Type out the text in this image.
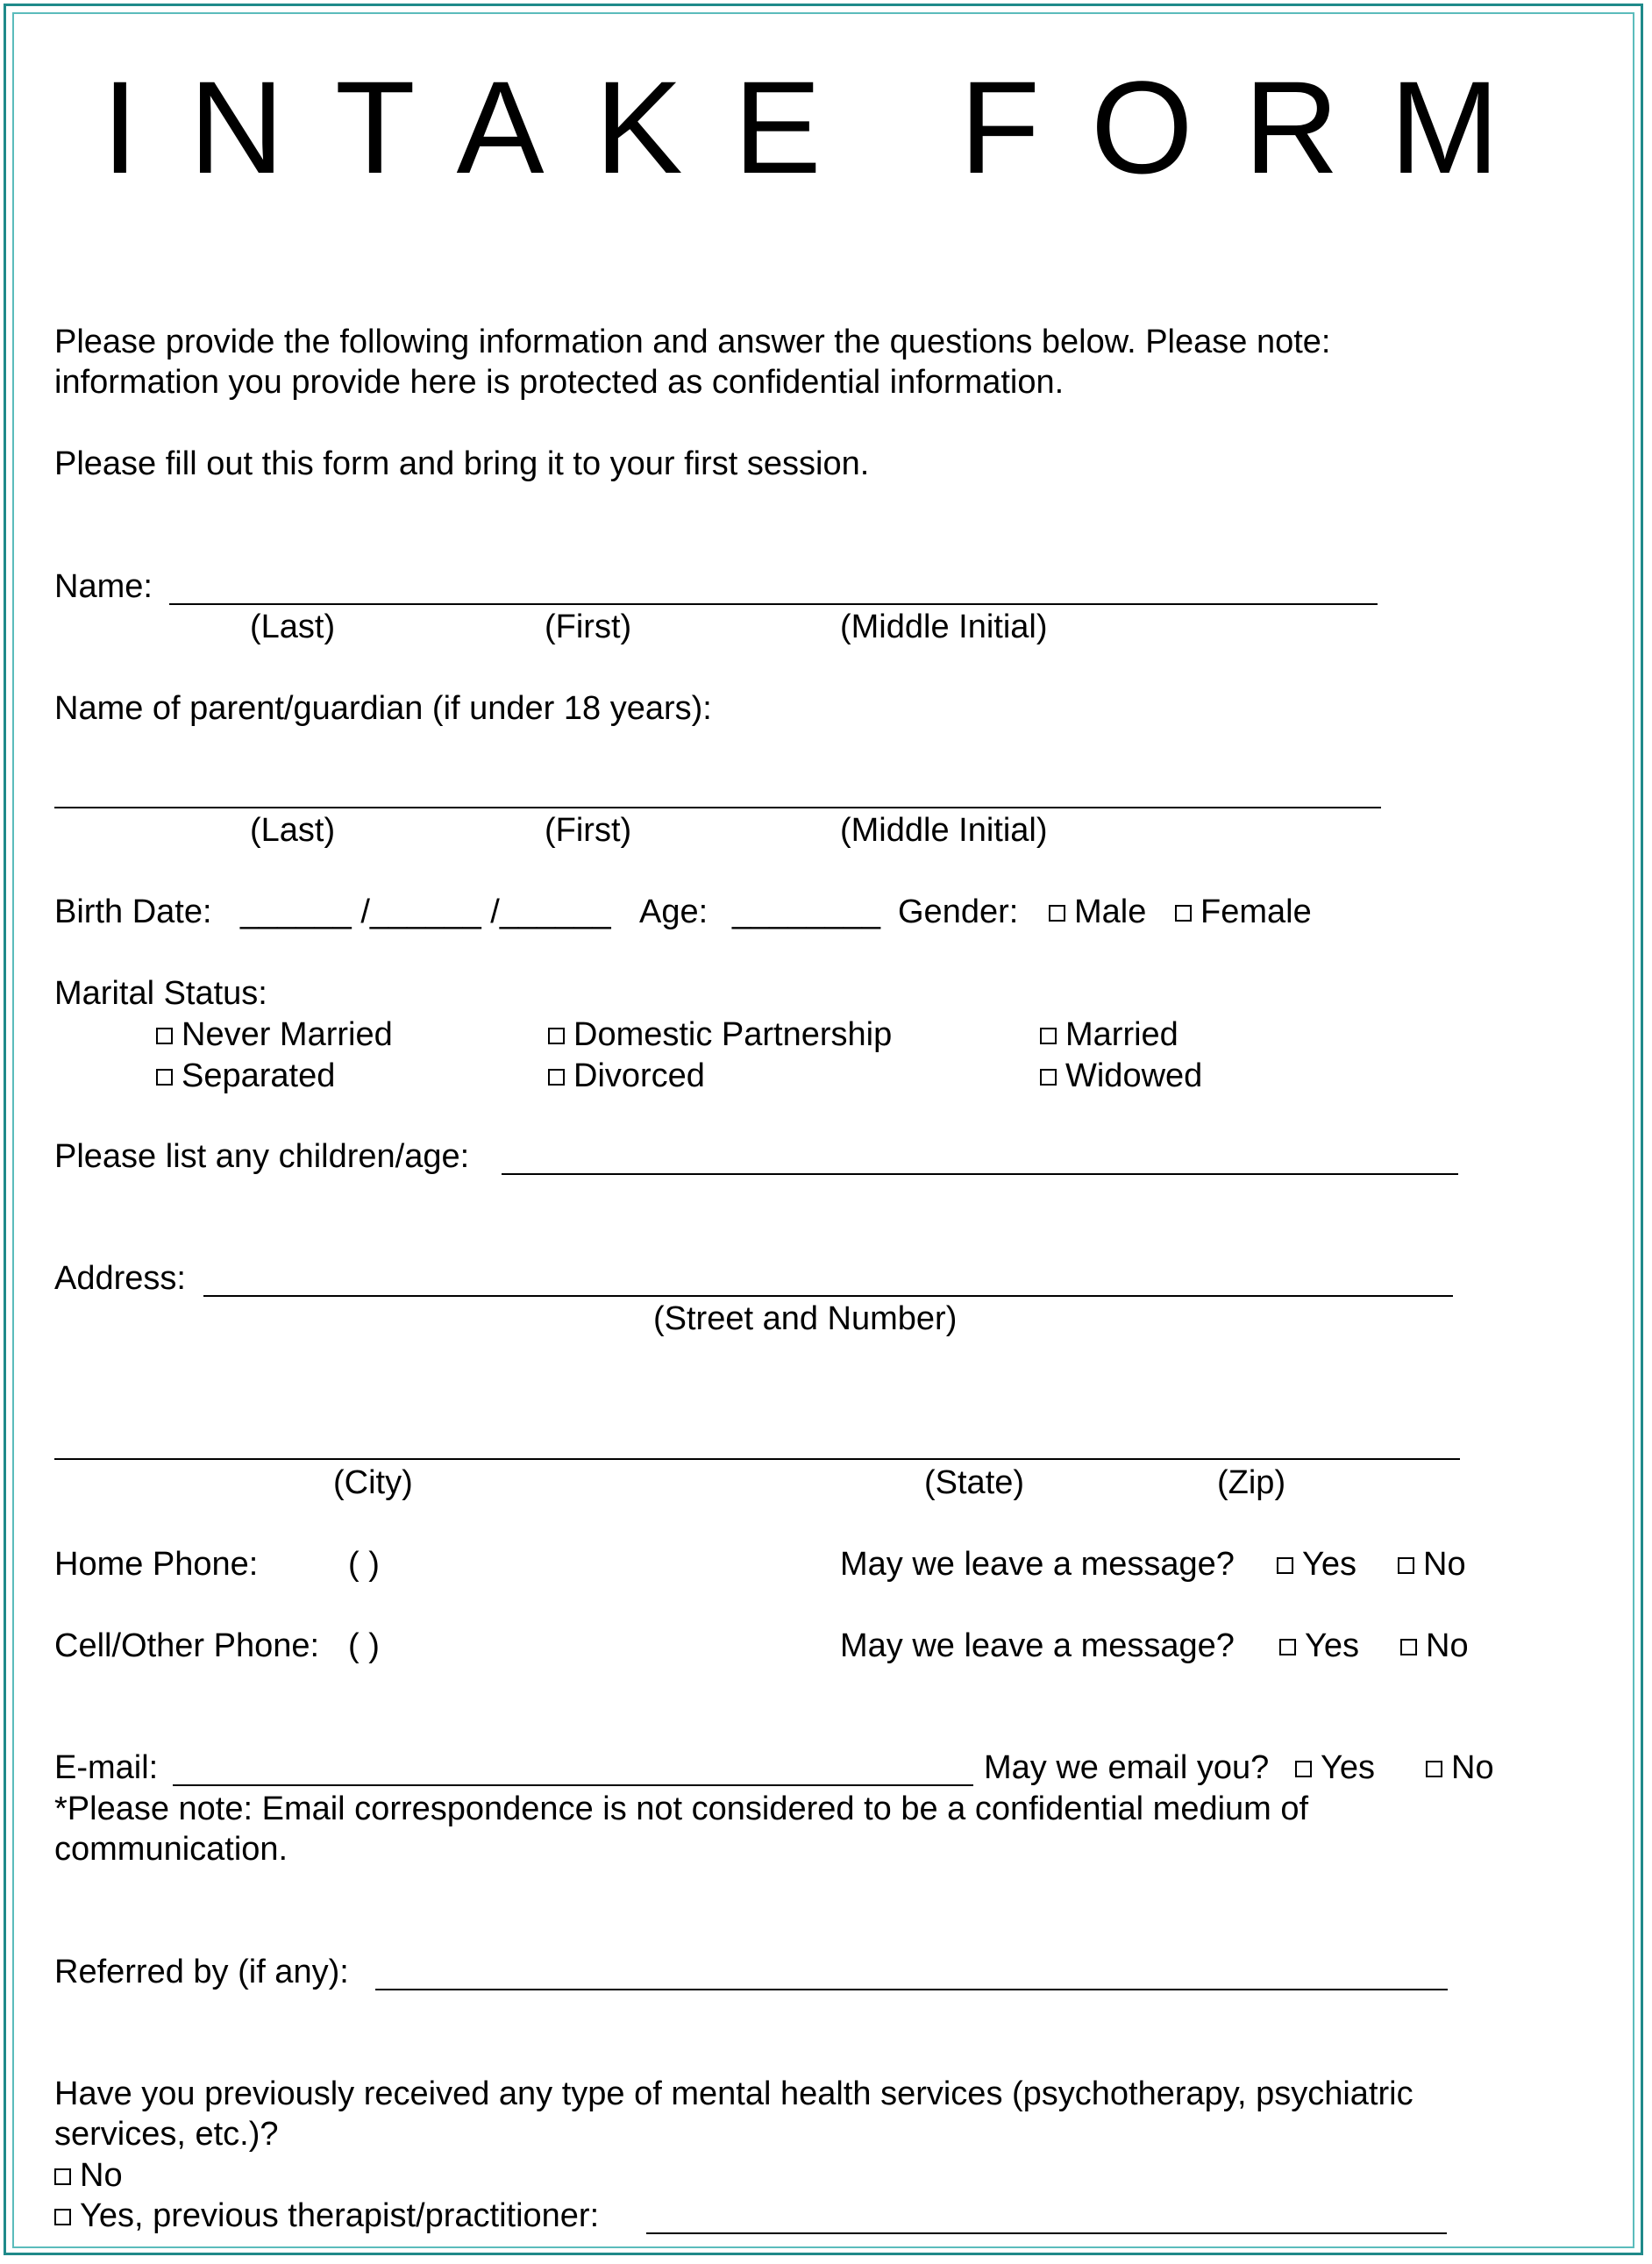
INTAKE FORM
Please provide the following information and answer the questions below. Please note:
information you provide here is protected as confidential information.
Please fill out this form and bring it to your first session.
Name:
(Last)	(First)	(Middle Initial)
Name of parent/guardian (if under 18 years):
(Last)	(First)	(Middle Initial)
Birth Date: ______ /______ /______ Age: ________ Gender:	Male	Female
Marital Status:
Never Married	Domestic Partnership	Married
Separated	Divorced	Widowed
Please list any children/age:
Address:
(Street and Number)
(City)	(State)	(Zip)
Home Phone:	( )	May we leave a message?	Yes	No
Cell/Other Phone: ( )	May we leave a message?	Yes	No
E-mail:	May we email you?	Yes	No
*Please note: Email correspondence is not considered to be a confidential medium of
communication.
Referred by (if any):
Have you previously received any type of mental health services (psychotherapy, psychiatric
services, etc.)?
No
Yes, previous therapist/practitioner:
